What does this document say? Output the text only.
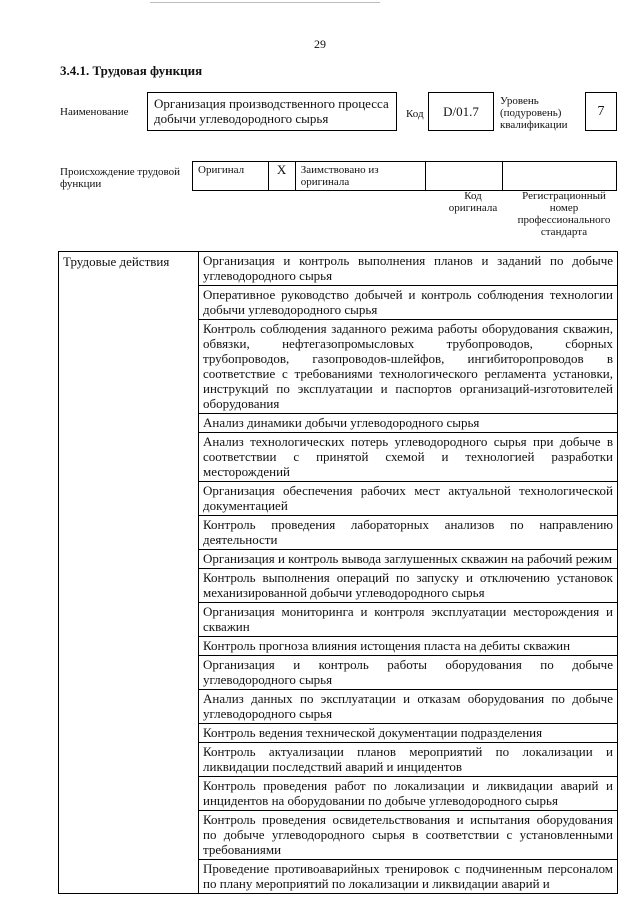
29
3.4.1. Трудовая функция
Наименование
Организация производственного процесса добычи углеводородного сырья	Код	D/01.7
Уровень (подуровень) квалификации
7
Происхождение трудовой функции
Оригинал	X	Заимствовано из оригинала		
Код оригинала
Регистрационный номер профессионального стандарта
Трудовые действия	Организация и контроль выполнения планов и заданий по добыче углеводородного сырья
Оперативное руководство добычей и контроль соблюдения технологии добычи углеводородного сырья
Контроль соблюдения заданного режима работы оборудования скважин, обвязки, нефтегазопромысловых трубопроводов, сборных трубопроводов, газопроводов-шлейфов, ингибиторопроводов в соответствие с требованиями технологического регламента установки, инструкций по эксплуатации и паспортов организаций-изготовителей оборудования
Анализ динамики добычи углеводородного сырья
Анализ технологических потерь углеводородного сырья при добыче в соответствии с принятой схемой и технологией разработки месторождений
Организация обеспечения рабочих мест актуальной технологической документацией
Контроль проведения лабораторных анализов по направлению деятельности
Организация и контроль вывода заглушенных скважин на рабочий режим
Контроль выполнения операций по запуску и отключению установок механизированной добычи углеводородного сырья
Организация мониторинга и контроля эксплуатации месторождения и скважин
Контроль прогноза влияния истощения пласта на дебиты скважин
Организация и контроль работы оборудования по добыче углеводородного сырья
Анализ данных по эксплуатации и отказам оборудования по добыче углеводородного сырья
Контроль ведения технической документации подразделения
Контроль актуализации планов мероприятий по локализации и ликвидации последствий аварий и инцидентов
Контроль проведения работ по локализации и ликвидации аварий и инцидентов на оборудовании по добыче углеводородного сырья
Контроль проведения освидетельствования и испытания оборудования по добыче углеводородного сырья в соответствии с установленными требованиями
Проведение противоаварийных тренировок с подчиненным персоналом по плану мероприятий по локализации и ликвидации аварий и
